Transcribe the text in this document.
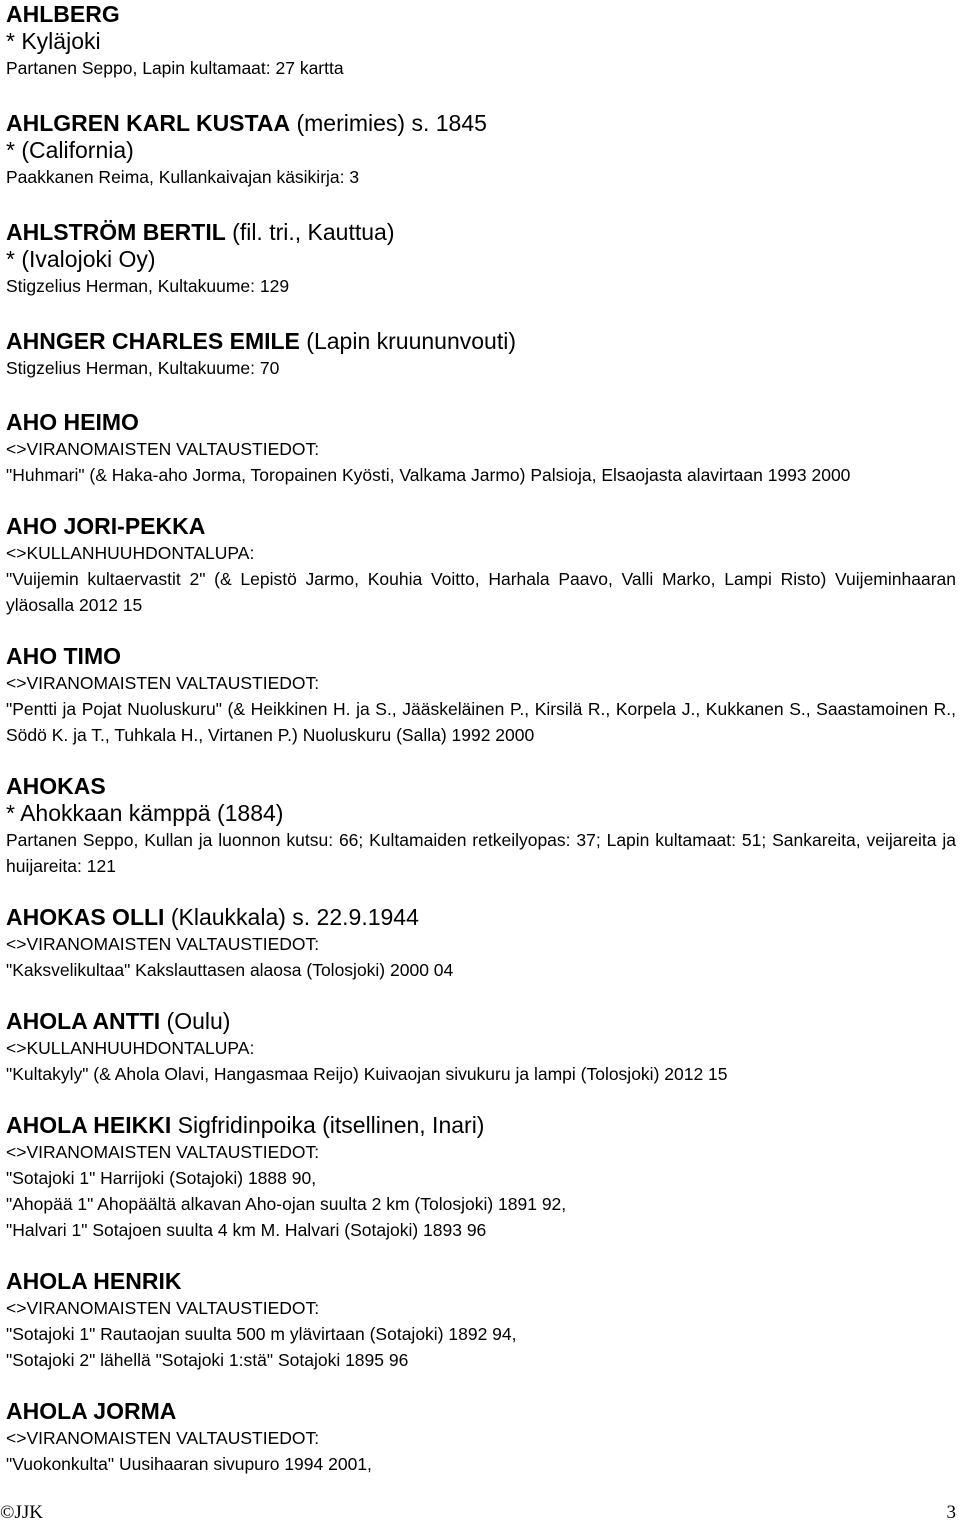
AHLBERG
* Kyläjoki
Partanen Seppo, Lapin kultamaat: 27 kartta
AHLGREN KARL KUSTAA (merimies) s. 1845
* (California)
Paakkanen Reima, Kullankaivajan käsikirja: 3
AHLSTRÖM BERTIL (fil. tri., Kauttua)
* (Ivalojoki Oy)
Stigzelius Herman, Kultakuume: 129
AHNGER CHARLES EMILE (Lapin kruununvouti)
Stigzelius Herman, Kultakuume: 70
AHO HEIMO
<>VIRANOMAISTEN VALTAUSTIEDOT:
"Huhmari" (& Haka-aho Jorma, Toropainen Kyösti, Valkama Jarmo) Palsioja, Elsaojasta alavirtaan 1993 2000
AHO JORI-PEKKA
<>KULLANHUUHDONTALUPA:
"Vuijemin kultaervastit 2" (& Lepistö Jarmo, Kouhia Voitto, Harhala Paavo, Valli Marko, Lampi Risto) Vuijeminhaaran yläosalla 2012 15
AHO TIMO
<>VIRANOMAISTEN VALTAUSTIEDOT:
"Pentti ja Pojat Nuoluskuru" (& Heikkinen H. ja S., Jääskeläinen P., Kirsilä R., Korpela J., Kukkanen S., Saastamoinen R., Södö K. ja T., Tuhkala H., Virtanen P.) Nuoluskuru (Salla) 1992 2000
AHOKAS
* Ahokkaan kämppä (1884)
Partanen Seppo, Kullan ja luonnon kutsu: 66; Kultamaiden retkeilyopas: 37; Lapin kultamaat: 51; Sankareita, veijareita ja huijareita: 121
AHOKAS OLLI (Klaukkala) s. 22.9.1944
<>VIRANOMAISTEN VALTAUSTIEDOT:
"Kaksvelikultaa" Kakslauttasen alaosa (Tolosjoki) 2000 04
AHOLA ANTTI (Oulu)
<>KULLANHUUHDONTALUPA:
"Kultakyly" (& Ahola Olavi, Hangasmaa Reijo) Kuivaojan sivukuru ja lampi (Tolosjoki) 2012 15
AHOLA HEIKKI Sigfridinpoika (itsellinen, Inari)
<>VIRANOMAISTEN VALTAUSTIEDOT:
"Sotajoki 1" Harrijoki (Sotajoki) 1888 90,
"Ahopää 1" Ahopäältä alkavan Aho-ojan suulta 2 km (Tolosjoki) 1891 92,
"Halvari 1" Sotajoen suulta 4 km M. Halvari (Sotajoki) 1893 96
AHOLA HENRIK
<>VIRANOMAISTEN VALTAUSTIEDOT:
"Sotajoki 1" Rautaojan suulta 500 m ylävirtaan (Sotajoki) 1892 94,
"Sotajoki 2" lähellä "Sotajoki 1:stä" Sotajoki 1895 96
AHOLA JORMA
<>VIRANOMAISTEN VALTAUSTIEDOT:
"Vuokonkulta" Uusihaaran sivupuro 1994 2001,
©JJK	3
